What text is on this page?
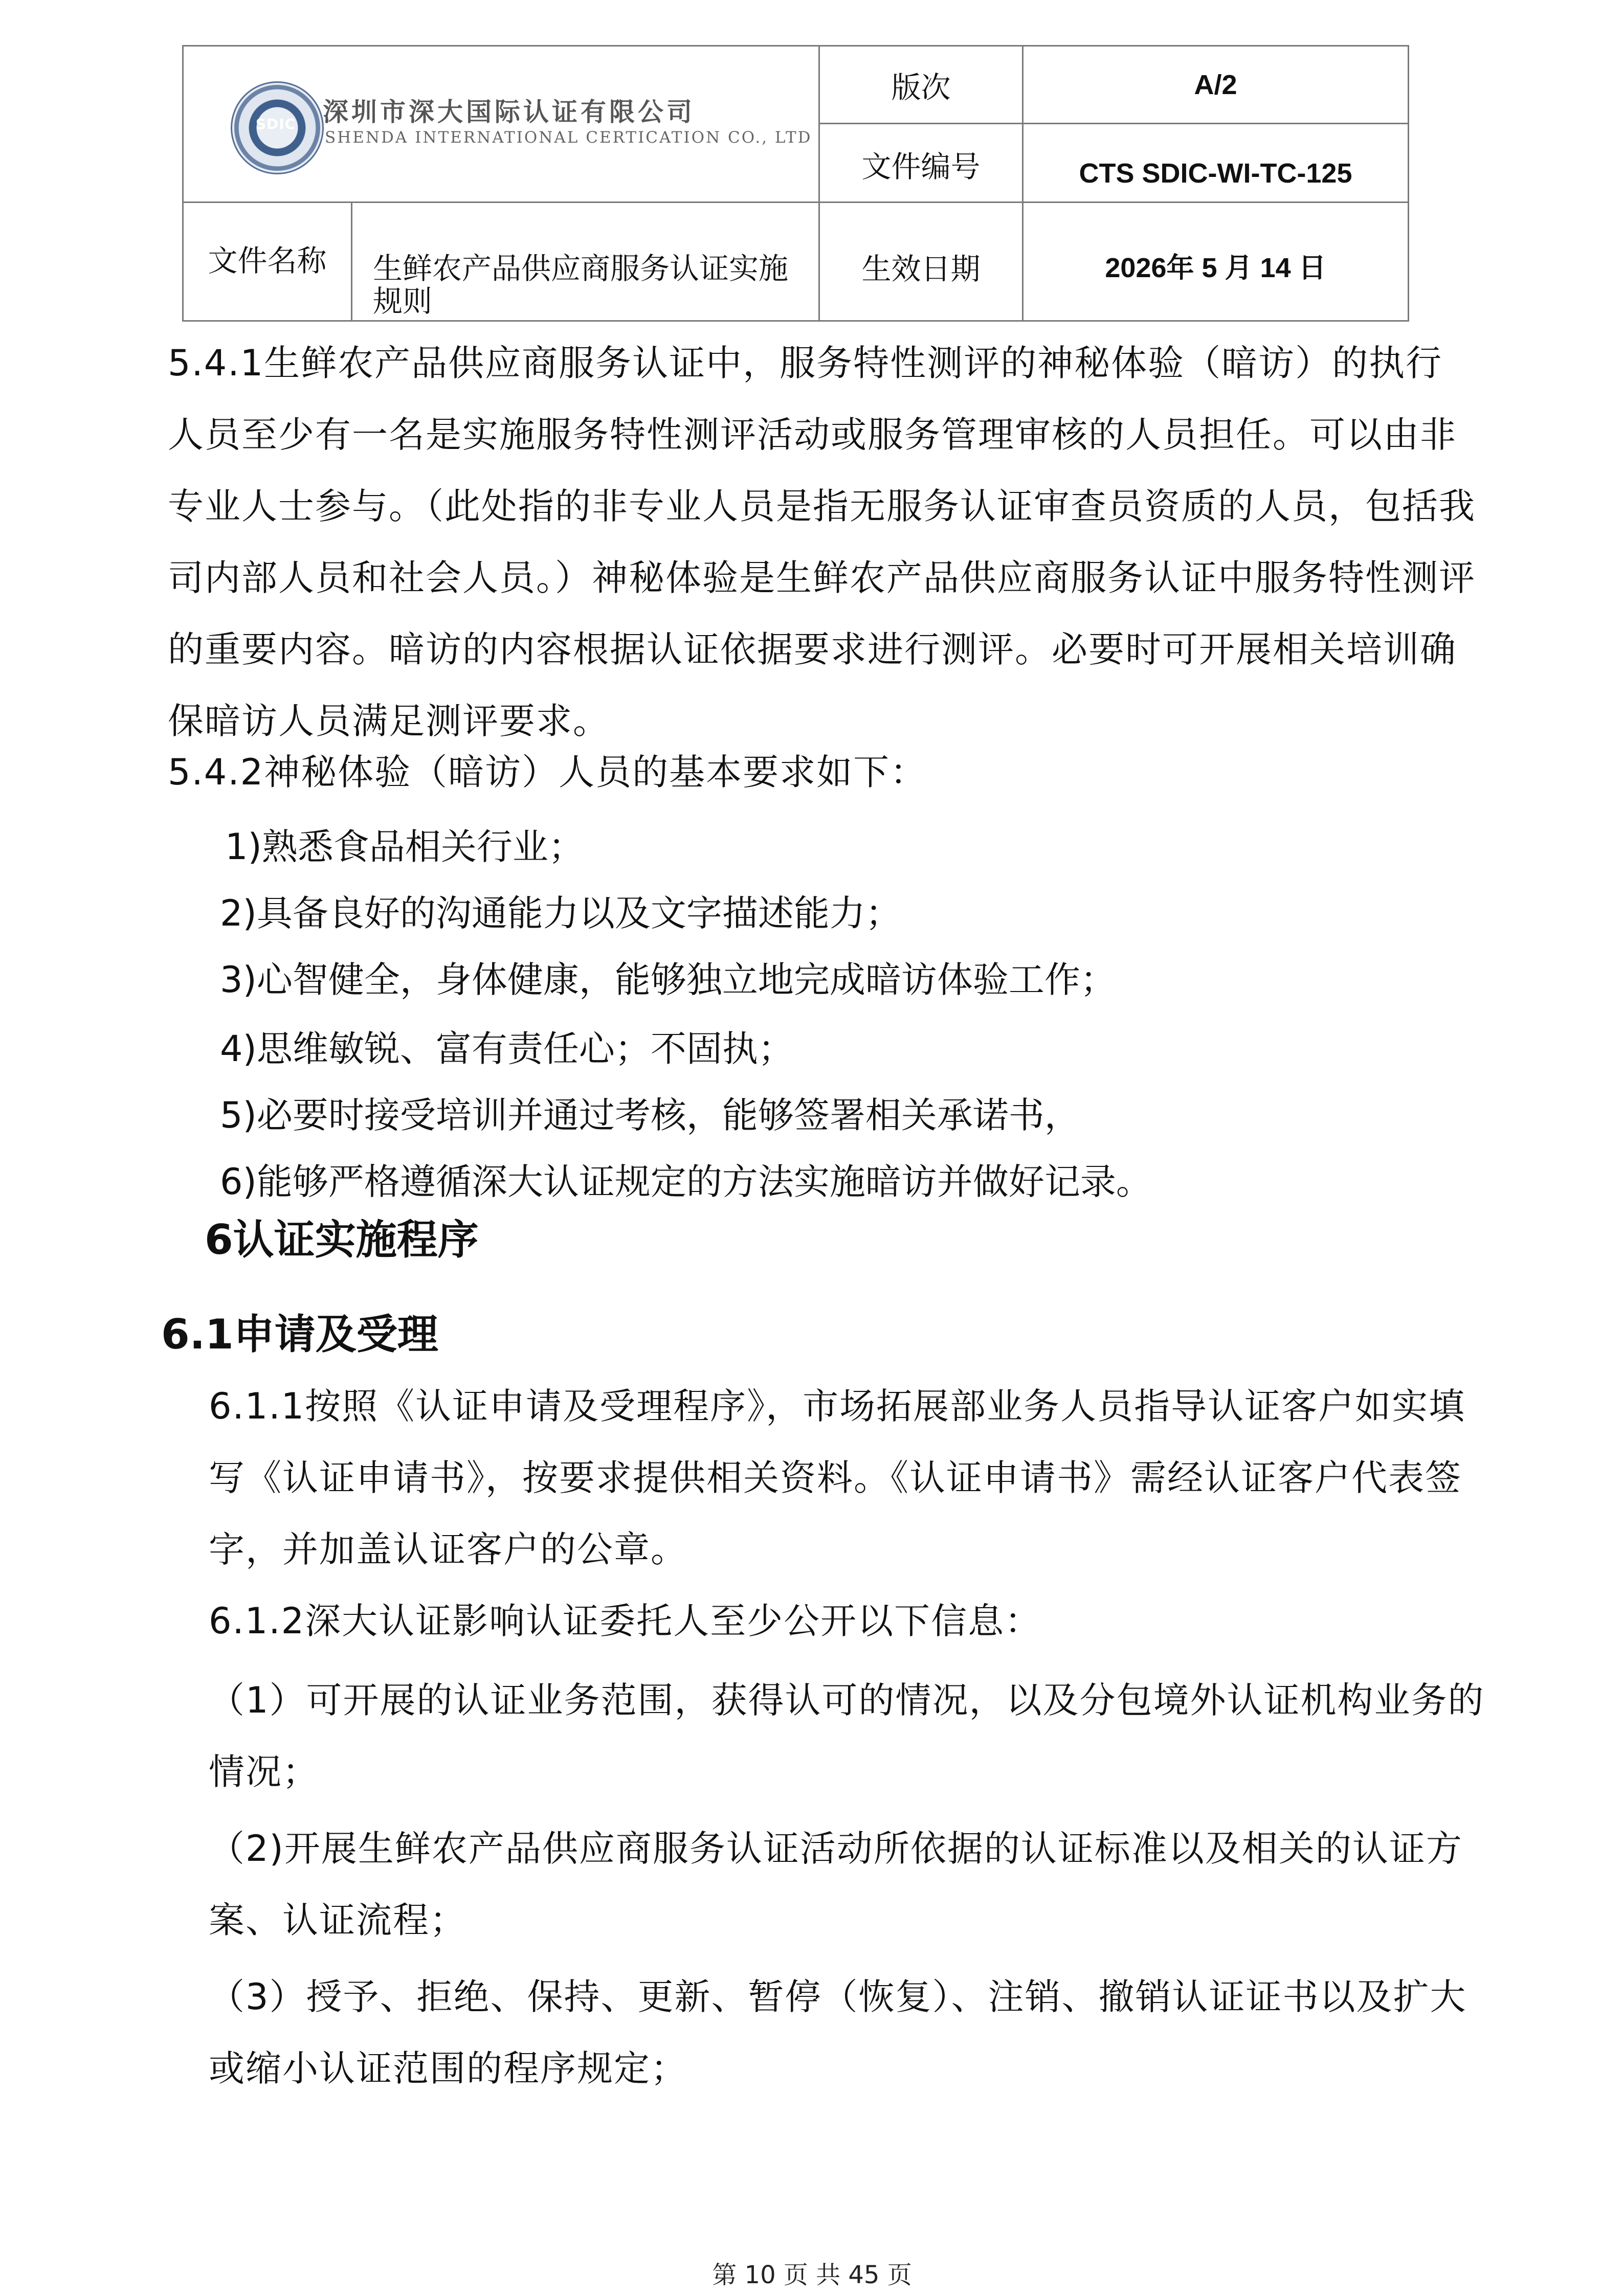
SDIC 深圳市深大国际认证有限公司
SHENDA INTERNATIONAL CERTICATION CO., LTD		版次	A/2
		文件编号	CTS SDIC-WI-TC-125
文件名称	生鲜农产品供应商服务认证实施规则	生效日期	2026年 5 月 14 日
5.4.1生鲜农产品供应商服务认证中，服务特性测评的神秘体验（暗访）的执行人员至少有一名是实施服务特性测评活动或服务管理审核的人员担任。可以由非专业人士参与。（此处指的非专业人员是指无服务认证审查员资质的人员，包括我司内部人员和社会人员。）神秘体验是生鲜农产品供应商服务认证中服务特性测评的重要内容。暗访的内容根据认证依据要求进行测评。必要时可开展相关培训确保暗访人员满足测评要求。
5.4.2神秘体验（暗访）人员的基本要求如下：
1)熟悉食品相关行业；
2)具备良好的沟通能力以及文字描述能力；
3)心智健全，身体健康，能够独立地完成暗访体验工作；
4)思维敏锐、富有责任心；不固执；
5)必要时接受培训并通过考核，能够签署相关承诺书，
6)能够严格遵循深大认证规定的方法实施暗访并做好记录。
6认证实施程序
6.1申请及受理
6.1.1按照《认证申请及受理程序》，市场拓展部业务人员指导认证客户如实填写《认证申请书》，按要求提供相关资料。《认证申请书》需经认证客户代表签字，并加盖认证客户的公章。
6.1.2深大认证影响认证委托人至少公开以下信息：
（1）可开展的认证业务范围，获得认可的情况，以及分包境外认证机构业务的情况；
（2)开展生鲜农产品供应商服务认证活动所依据的认证标准以及相关的认证方案、认证流程；
（3）授予、拒绝、保持、更新、暂停（恢复）、注销、撤销认证证书以及扩大或缩小认证范围的程序规定；
第 10 页 共 45 页
